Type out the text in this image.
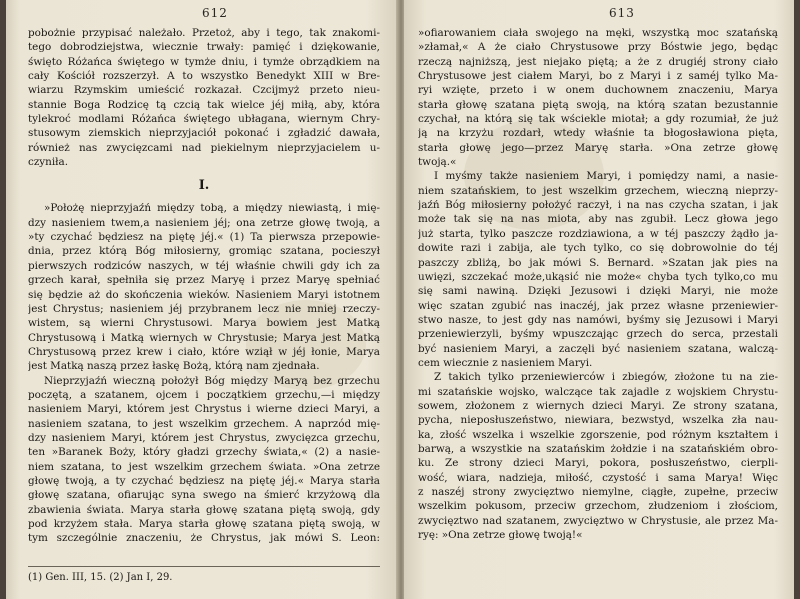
612
pobożnie przypisać należało. Przetoż, aby i tego, tak znakomi-
tego dobrodziejstwa, wiecznie trwały: pamięć i dziękowanie,
święto Różańca świętego w tymże dniu, i tymże obrządkiem na
cały Kościół rozszerzył. A to wszystko Benedykt XIII w Bre-
wiarzu Rzymskim umieścić rozkazał. Czcijmyż przeto nieu-
stannie Boga Rodzicę tą czcią tak wielce jéj miłą, aby, która
tylekroć modlami Różańca świętego ubłagana, wiernym Chry-
stusowym ziemskich nieprzyjaciół pokonać i zgładzić dawała,
również nas zwycięzcami nad piekielnym nieprzyjacielem u-
czyniła.
I.
»Położę nieprzyjaźń między tobą, a między niewiastą, i mię-
dzy nasieniem twem,a nasieniem jéj; ona zetrze głowę twoją, a
»ty czychać będziesz na piętę jéj.« (1) Ta pierwsza przepowie-
dnia, przez którą Bóg miłosierny, gromiąc szatana, pocieszył
pierwszych rodziców naszych, w téj właśnie chwili gdy ich za
grzech karał, spełniła się przez Maryę i przez Maryę spełniać
się będzie aż do skończenia wieków. Nasieniem Maryi istotnem
jest Chrystus; nasieniem jéj przybranem lecz nie mniej rzeczy-
wistem, są wierni Chrystusowi. Marya bowiem jest Matką
Chrystusową i Matką wiernych w Chrystusie; Marya jest Matką
Chrystusową przez krew i ciało, które wziął w jéj łonie, Marya
jest Matką naszą przez łaskę Bożą, którą nam zjednała.
Nieprzyjaźń wieczną położył Bóg między Maryą bez grzechu
poczętą, a szatanem, ojcem i początkiem grzechu,—i między
nasieniem Maryi, którem jest Chrystus i wierne dzieci Maryi, a
nasieniem szatana, to jest wszelkim grzechem. A naprzód mię-
dzy nasieniem Maryi, którem jest Chrystus, zwycięzca grzechu,
ten »Baranek Boży, który gładzi grzechy świata,« (2) a nasie-
niem szatana, to jest wszelkim grzechem świata. »Ona zetrze
głowę twoją, a ty czychać będziesz na piętę jéj.« Marya starła
głowę szatana, ofiarując syna swego na śmierć krzyżową dla
zbawienia świata. Marya starła głowę szatana piętą swoją, gdy
pod krzyżem stała. Marya starła głowę szatana piętą swoją, w
tym szczególnie znaczeniu, że Chrystus, jak mówi S. Leon:
(1) Gen. III, 15. (2) Jan I, 29.
613
»ofiarowaniem ciała swojego na męki, wszystką moc szatańską
»złamał,« A że ciało Chrystusowe przy Bóstwie jego, będąc
rzeczą najniższą, jest niejako piętą; a że z drugiéj strony ciało
Chrystusowe jest ciałem Maryi, bo z Maryi i z saméj tylko Ma-
ryi wzięte, przeto i w onem duchownem znaczeniu, Marya
starła głowę szatana piętą swoją, na którą szatan bezustannie
czychał, na którą się tak wściekle miotał; a gdy rozumiał, że już
ją na krzyżu rozdarł, wtedy właśnie ta błogosławiona pięta,
starła głowę jego—przez Maryę starła. »Ona zetrze głowę
twoją.«
I myśmy także nasieniem Maryi, i pomiędzy nami, a nasie-
niem szatańskiem, to jest wszelkim grzechem, wieczną nieprzy-
jaźń Bóg miłosierny położyć raczył, i na nas czycha szatan, i jak
może tak się na nas miota, aby nas zgubił. Lecz głowa jego
już starta, tylko paszcze rozdziawiona, a w téj paszczy żądło ja-
dowite razi i zabija, ale tych tylko, co się dobrowolnie do téj
paszczy zbliżą, bo jak mówi S. Bernard. »Szatan jak pies na
uwięzi, szczekać może,ukąsić nie może« chyba tych tylko,co mu
się sami nawiną. Dzięki Jezusowi i dzięki Maryi, nie może
więc szatan zgubić nas inaczéj, jak przez własne przeniewier-
stwo nasze, to jest gdy nas namówi, byśmy się Jezusowi i Maryi
przeniewierzyli, byśmy wpuszczając grzech do serca, przestali
być nasieniem Maryi, a zaczęli być nasieniem szatana, walczą-
cem wiecznie z nasieniem Maryi.
Z takich tylko przeniewierców i zbiegów, złożone tu na zie-
mi szatańskie wojsko, walczące tak zajadle z wojskiem Chrystu-
sowem, złożonem z wiernych dzieci Maryi. Ze strony szatana,
pycha, nieposłuszeństwo, niewiara, bezwstyd, wszelka zła nau-
ka, złość wszelka i wszelkie zgorszenie, pod różnym kształtem i
barwą, a wszystkie na szatańskim żołdzie i na szatańskiém obro-
ku. Ze strony dzieci Maryi, pokora, posłuszeństwo, cierpli-
wość, wiara, nadzieja, miłość, czystość i sama Marya! Więc
z naszéj strony zwycięztwo niemylne, ciągłe, zupełne, przeciw
wszelkim pokusom, przeciw grzechom, złudzeniom i złościom,
zwycięztwo nad szatanem, zwycięztwo w Chrystusie, ale przez Ma-
ryę: »Ona zetrze głowę twoją!«
